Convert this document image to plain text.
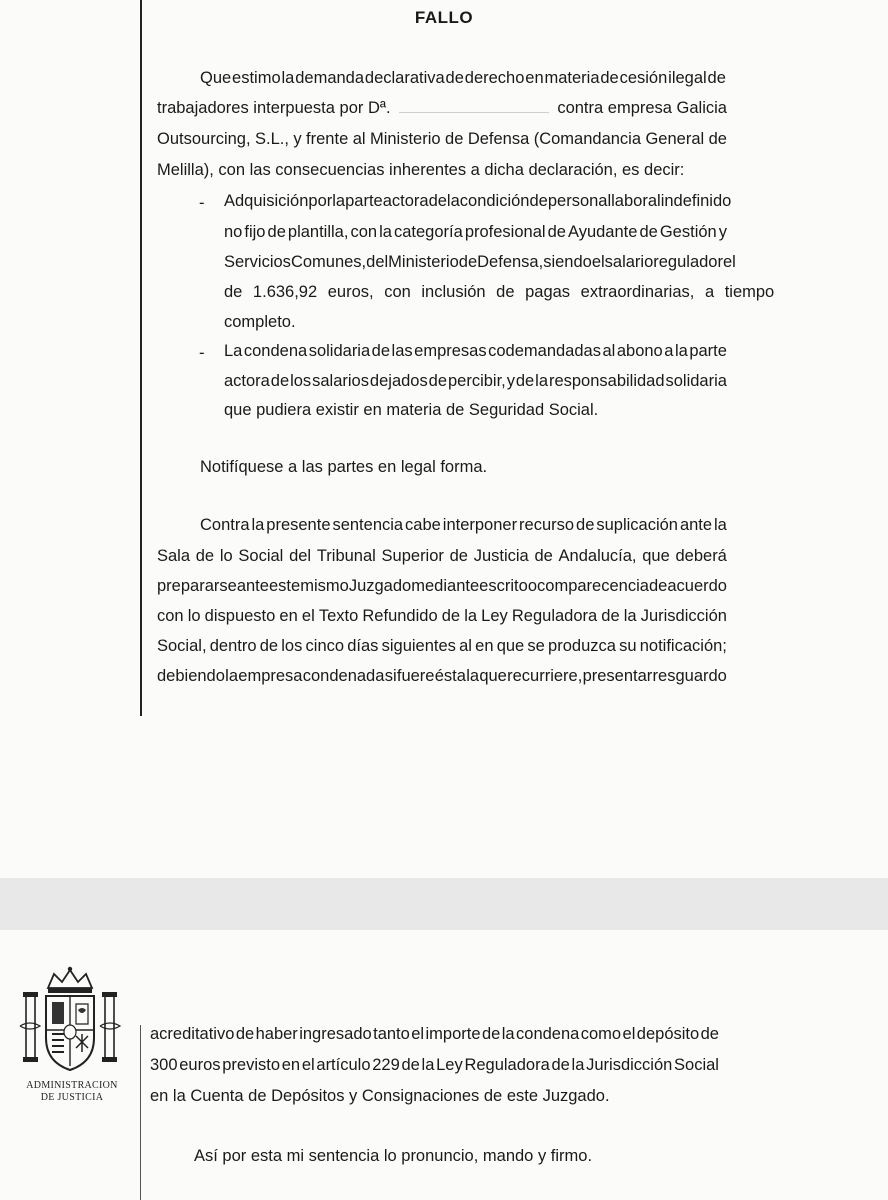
FALLO
Que estimo la demanda declarativa de derecho en materia de cesión ilegal de
trabajadores interpuesta por Dª.	contra empresa Galicia
Outsourcing, S.L., y frente al Ministerio de Defensa (Comandancia General de
Melilla), con las consecuencias inherentes a dicha declaración, es decir:
- Adquisición por la parte actora de la condición de personal laboral indefinido
no fijo de plantilla, con la categoría profesional de Ayudante de Gestión y
Servicios Comunes, del Ministerio de Defensa, siendo el salario regulador el
de 1.636,92 euros, con inclusión de pagas extraordinarias, a tiempo
completo.
- La condena solidaria de las empresas codemandadas al abono a la parte
actora de los salarios dejados de percibir, y de la responsabilidad solidaria
que pudiera existir en materia de Seguridad Social.
Notifíquese a las partes en legal forma.
Contra la presente sentencia cabe interponer recurso de suplicación ante la
Sala de lo Social del Tribunal Superior de Justicia de Andalucía, que deberá
prepararse ante este mismo Juzgado mediante escrito o comparecencia de acuerdo
con lo dispuesto en el Texto Refundido de la Ley Reguladora de la Jurisdicción
Social, dentro de los cinco días siguientes al en que se produzca su notificación;
debiendo la empresa condenada si fuere ésta la que recurriere, presentar resguardo
ADMINISTRACION
DE JUSTICIA
acreditativo de haber ingresado tanto el importe de la condena como el depósito de
300 euros previsto en el artículo 229 de la Ley Reguladora de la Jurisdicción Social
en la Cuenta de Depósitos y Consignaciones de este Juzgado.
Así por esta mi sentencia lo pronuncio, mando y firmo.
